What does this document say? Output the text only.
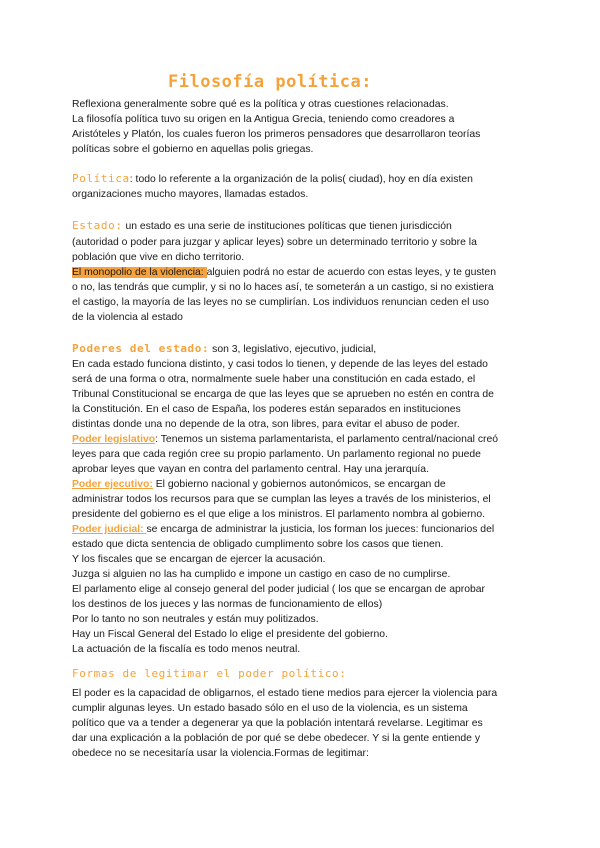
Filosofía política:
Reflexiona generalmente sobre qué es la política y otras cuestiones relacionadas.
La filosofía política tuvo su origen en la Antigua Grecia, teniendo como creadores a
Aristóteles y Platón, los cuales fueron los primeros pensadores que desarrollaron teorías
políticas sobre el gobierno en aquellas polis griegas.
Política: todo lo referente a la organización de la polis( ciudad), hoy en día existen
organizaciones mucho mayores, llamadas estados.
Estado: un estado es una serie de instituciones políticas que tienen jurisdicción
(autoridad o poder para juzgar y aplicar leyes) sobre un determinado territorio y sobre la
población que vive en dicho territorio.
El monopolio de la violencia: alguien podrá no estar de acuerdo con estas leyes, y te gusten
o no, las tendrás que cumplir, y si no lo haces así, te someterán a un castigo, si no existiera
el castigo, la mayoría de las leyes no se cumplirían. Los individuos renuncian ceden el uso
de la violencia al estado
Poderes del estado: son 3, legislativo, ejecutivo, judicial,
En cada estado funciona distinto, y casi todos lo tienen, y depende de las leyes del estado
será de una forma o otra, normalmente suele haber una constitución en cada estado, el
Tribunal Constitucional se encarga de que las leyes que se aprueben no estén en contra de
la Constitución. En el caso de España, los poderes están separados en instituciones
distintas donde una no depende de la otra, son libres, para evitar el abuso de poder.
Poder legislativo: Tenemos un sistema parlamentarista, el parlamento central/nacional creó
leyes para que cada región cree su propio parlamento. Un parlamento regional no puede
aprobar leyes que vayan en contra del parlamento central. Hay una jerarquía.
Poder ejecutivo: El gobierno nacional y gobiernos autonómicos, se encargan de
administrar todos los recursos para que se cumplan las leyes a través de los ministerios, el
presidente del gobierno es el que elige a los ministros. El parlamento nombra al gobierno.
Poder judicial: se encarga de administrar la justicia, los forman los jueces: funcionarios del
estado que dicta sentencia de obligado cumplimento sobre los casos que tienen.
Y los fiscales que se encargan de ejercer la acusación.
Juzga si alguien no las ha cumplido e impone un castigo en caso de no cumplirse.
El parlamento elige al consejo general del poder judicial ( los que se encargan de aprobar
los destinos de los jueces y las normas de funcionamiento de ellos)
Por lo tanto no son neutrales y están muy politizados.
Hay un Fiscal General del Estado lo elige el presidente del gobierno.
La actuación de la fiscalía es todo menos neutral.
Formas de legitimar el poder político:
El poder es la capacidad de obligarnos, el estado tiene medios para ejercer la violencia para
cumplir algunas leyes. Un estado basado sólo en el uso de la violencia, es un sistema
político que va a tender a degenerar ya que la población intentará revelarse. Legitimar es
dar una explicación a la población de por qué se debe obedecer. Y si la gente entiende y
obedece no se necesitaría usar la violencia.Formas de legitimar:
